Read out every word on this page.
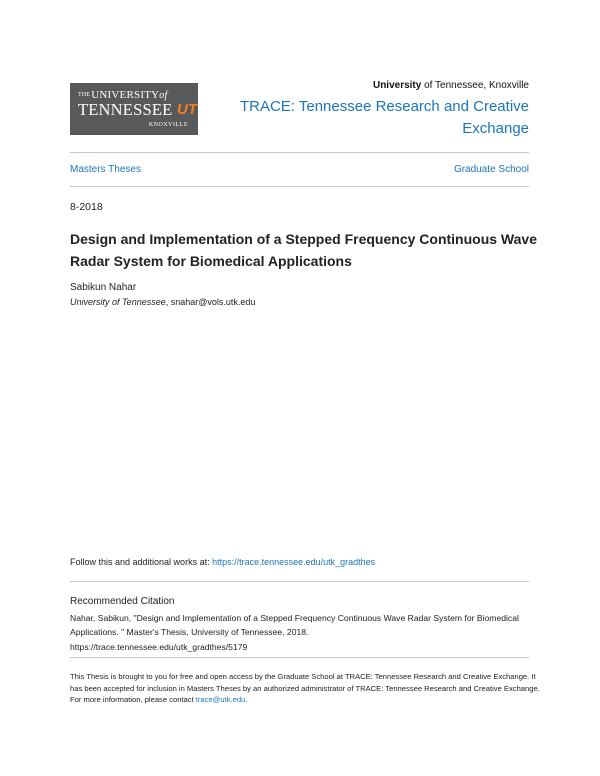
THEUNIVERSITYof
TENNESSEE UT
KNOXVILLE
University of Tennessee, Knoxville
TRACE: Tennessee Research and Creative Exchange
Masters Theses	Graduate School
8-2018
Design and Implementation of a Stepped Frequency Continuous Wave Radar System for Biomedical Applications
Sabikun Nahar
University of Tennessee, snahar@vols.utk.edu
Follow this and additional works at: https://trace.tennessee.edu/utk_gradthes
Recommended Citation
Nahar, Sabikun, "Design and Implementation of a Stepped Frequency Continuous Wave Radar System for Biomedical Applications. " Master's Thesis, University of Tennessee, 2018.
https://trace.tennessee.edu/utk_gradthes/5179
This Thesis is brought to you for free and open access by the Graduate School at TRACE: Tennessee Research and Creative Exchange. It has been accepted for inclusion in Masters Theses by an authorized administrator of TRACE: Tennessee Research and Creative Exchange. For more information, please contact trace@utk.edu.
